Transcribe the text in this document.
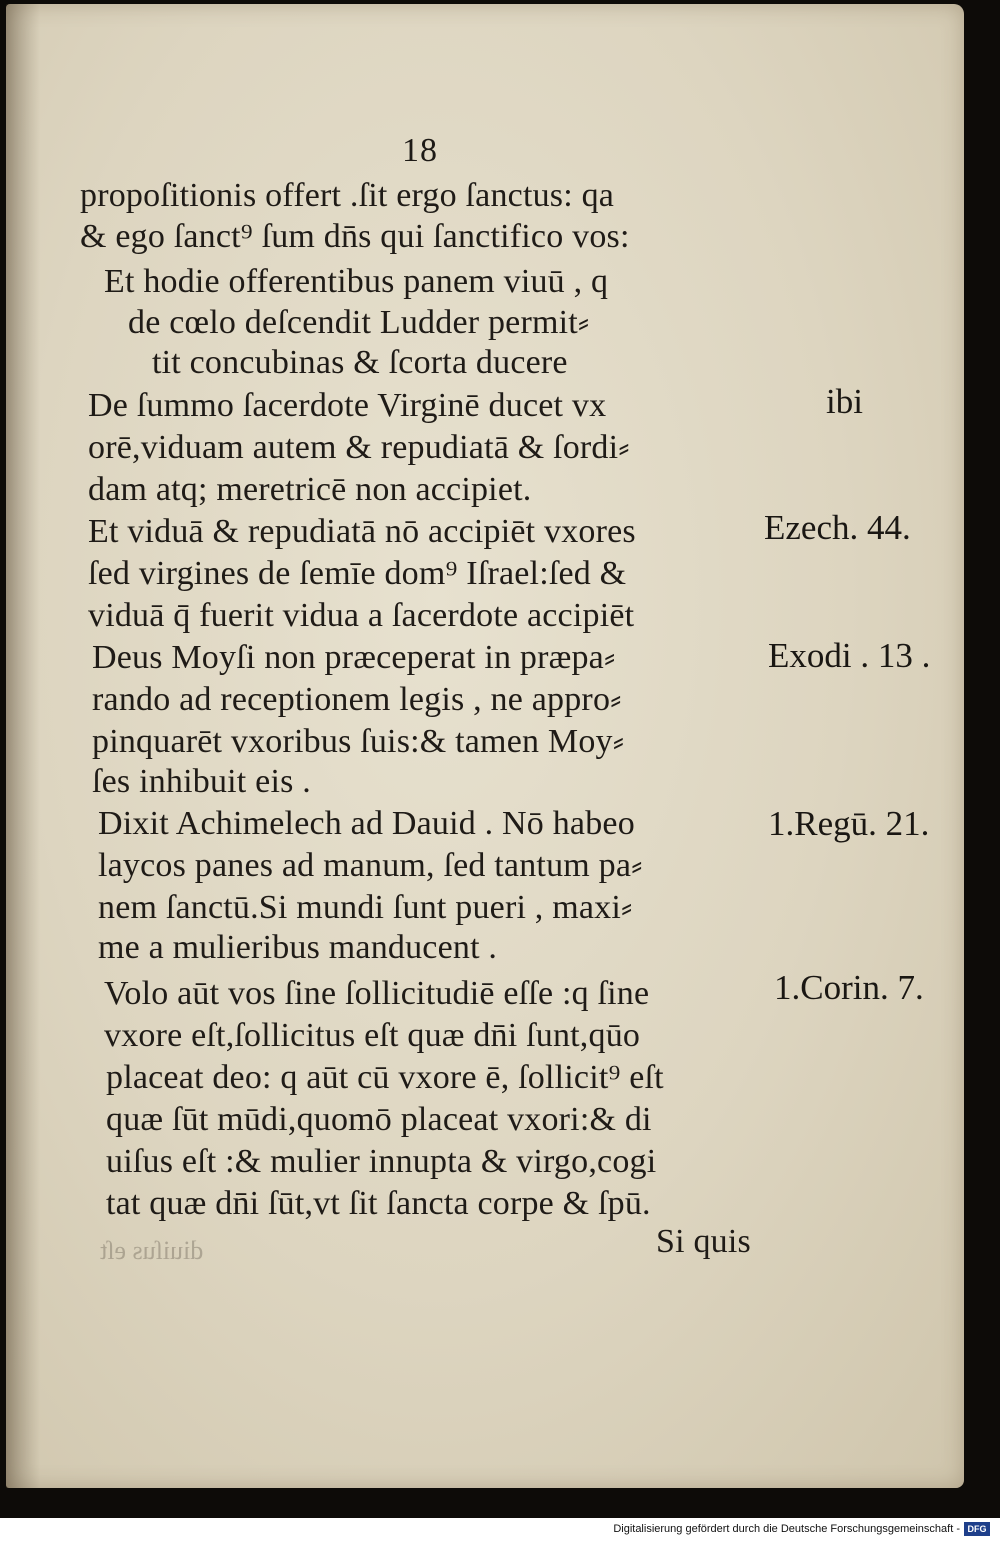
18
propoſitionis offert .ſit ergo ſanctus: qa
& ego ſanct⁹ ſum dn̄s qui ſanctifico vos:
Et hodie offerentibus panem viuū , q
de cœlo deſcendit Ludder permit⸗
tit concubinas & ſcorta ducere
De ſummo ſacerdote Virginē ducet vx
orē,viduam autem & repudiatā & ſordi⸗
dam atq; meretricē non accipiet.
Et viduā & repudiatā nō accipiēt vxores
ſed virgines de ſemīe dom⁹ Iſrael:ſed &
viduā q̄ fuerit vidua a ſacerdote accipiēt
Deus Moyſi non præceperat in præpa⸗
rando ad receptionem legis , ne appro⸗
pinquarēt vxoribus ſuis:& tamen Moy⸗
ſes inhibuit eis .
Dixit Achimelech ad Dauid . Nō habeo
laycos panes ad manum, ſed tantum pa⸗
nem ſanctū.Si mundi ſunt pueri , maxi⸗
me a mulieribus manducent .
Volo aūt vos ſine ſollicitudiē eſſe :q ſine
vxore eſt,ſollicitus eſt quæ dn̄i ſunt,qūo
placeat deo: q aūt cū vxore ē, ſollicit⁹ eſt
quæ ſūt mūdi,quomō placeat vxori:& di
uiſus eſt :& mulier innupta & virgo,cogi
tat quæ dn̄i ſūt,vt ſit ſancta corpe & ſpū.
Si quis
ibi
Ezech. 44.
Exodi . 13 .
1.Regū. 21.
1.Corin. 7.
diuiſus eſt
Digitalisierung gefördert durch die Deutsche Forschungsgemeinschaft - DFG
